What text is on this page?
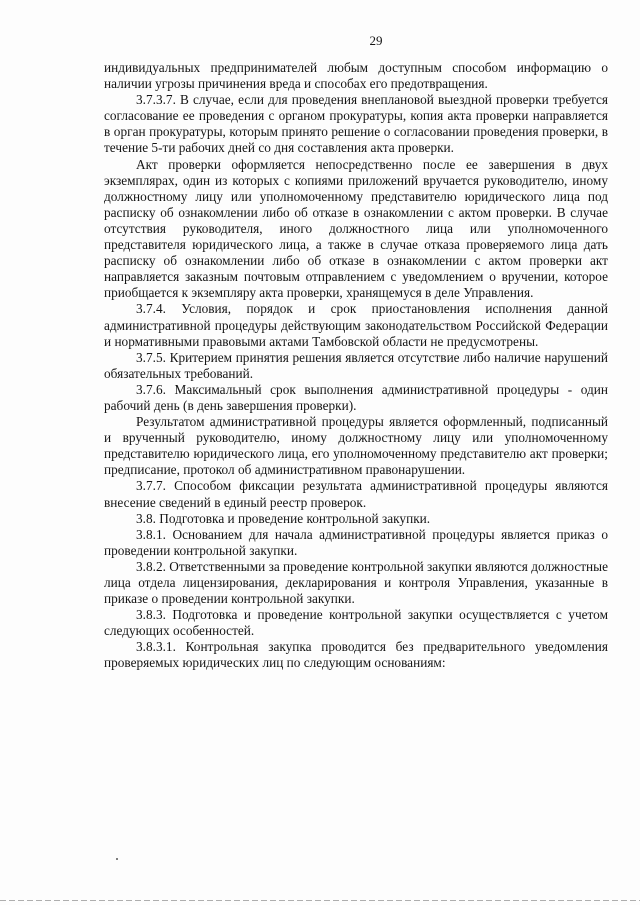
29

индивидуальных предпринимателей любым доступным способом информацию о наличии угрозы причинения вреда и способах его предотвращения.

3.7.3.7. В случае, если для проведения внеплановой выездной проверки требуется согласование ее проведения с органом прокуратуры, копия акта проверки направляется в орган прокуратуры, которым принято решение о согласовании проведения проверки, в течение 5-ти рабочих дней со дня составления акта проверки.

Акт проверки оформляется непосредственно после ее завершения в двух экземплярах, один из которых с копиями приложений вручается руководителю, иному должностному лицу или уполномоченному представителю юридического лица под расписку об ознакомлении либо об отказе в ознакомлении с актом проверки. В случае отсутствия руководителя, иного должностного лица или уполномоченного представителя юридического лица, а также в случае отказа проверяемого лица дать расписку об ознакомлении либо об отказе в ознакомлении с актом проверки акт направляется заказным почтовым отправлением с уведомлением о вручении, которое приобщается к экземпляру акта проверки, хранящемуся в деле Управления.

3.7.4. Условия, порядок и срок приостановления исполнения данной административной процедуры действующим законодательством Российской Федерации и нормативными правовыми актами Тамбовской области не предусмотрены.

3.7.5. Критерием принятия решения является отсутствие либо наличие нарушений обязательных требований.

3.7.6. Максимальный срок выполнения административной процедуры - один рабочий день (в день завершения проверки).

Результатом административной процедуры является оформленный, подписанный и врученный руководителю, иному должностному лицу или уполномоченному представителю юридического лица, его уполномоченному представителю акт проверки; предписание, протокол об административном правонарушении.

3.7.7. Способом фиксации результата административной процедуры являются внесение сведений в единый реестр проверок.

3.8. Подготовка и проведение контрольной закупки.

3.8.1. Основанием для начала административной процедуры является приказ о проведении контрольной закупки.

3.8.2. Ответственными за проведение контрольной закупки являются должностные лица отдела лицензирования, декларирования и контроля Управления, указанные в приказе о проведении контрольной закупки.

3.8.3. Подготовка и проведение контрольной закупки осуществляется с учетом следующих особенностей.

3.8.3.1. Контрольная закупка проводится без предварительного уведомления проверяемых юридических лиц по следующим основаниям:
